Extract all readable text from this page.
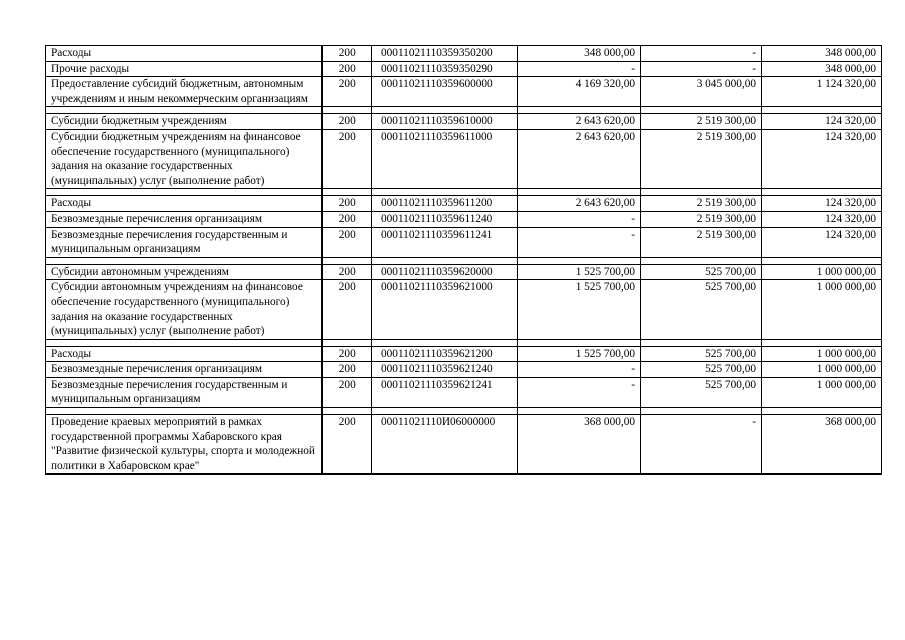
Расходы	200	00011021110359350200	348 000,00	-	348 000,00
Прочие расходы	200	00011021110359350290	-	-	348 000,00
Предоставление субсидий бюджетным, автономным учреждениям и иным некоммерческим организациям	200	00011021110359600000	4 169 320,00	3 045 000,00	1 124 320,00

Субсидии бюджетным учреждениям	200	00011021110359610000	2 643 620,00	2 519 300,00	124 320,00
Субсидии бюджетным учреждениям на финансовое обеспечение государственного (муниципального) задания на оказание государственных (муниципальных) услуг (выполнение работ)	200	00011021110359611000	2 643 620,00	2 519 300,00	124 320,00

Расходы	200	00011021110359611200	2 643 620,00	2 519 300,00	124 320,00
Безвозмездные перечисления организациям	200	00011021110359611240	-	2 519 300,00	124 320,00
Безвозмездные перечисления государственным и муниципальным организациям	200	00011021110359611241	-	2 519 300,00	124 320,00

Субсидии автономным учреждениям	200	00011021110359620000	1 525 700,00	525 700,00	1 000 000,00
Субсидии автономным учреждениям на финансовое обеспечение государственного (муниципального) задания на оказание государственных (муниципальных) услуг (выполнение работ)	200	00011021110359621000	1 525 700,00	525 700,00	1 000 000,00

Расходы	200	00011021110359621200	1 525 700,00	525 700,00	1 000 000,00
Безвозмездные перечисления организациям	200	00011021110359621240	-	525 700,00	1 000 000,00
Безвозмездные перечисления государственным и муниципальным организациям	200	00011021110359621241	-	525 700,00	1 000 000,00

Проведение краевых мероприятий в рамках государственной программы Хабаровского края "Развитие физической культуры, спорта и молодежной политики в Хабаровском крае"	200	00011021110И06000000	368 000,00	-	368 000,00
